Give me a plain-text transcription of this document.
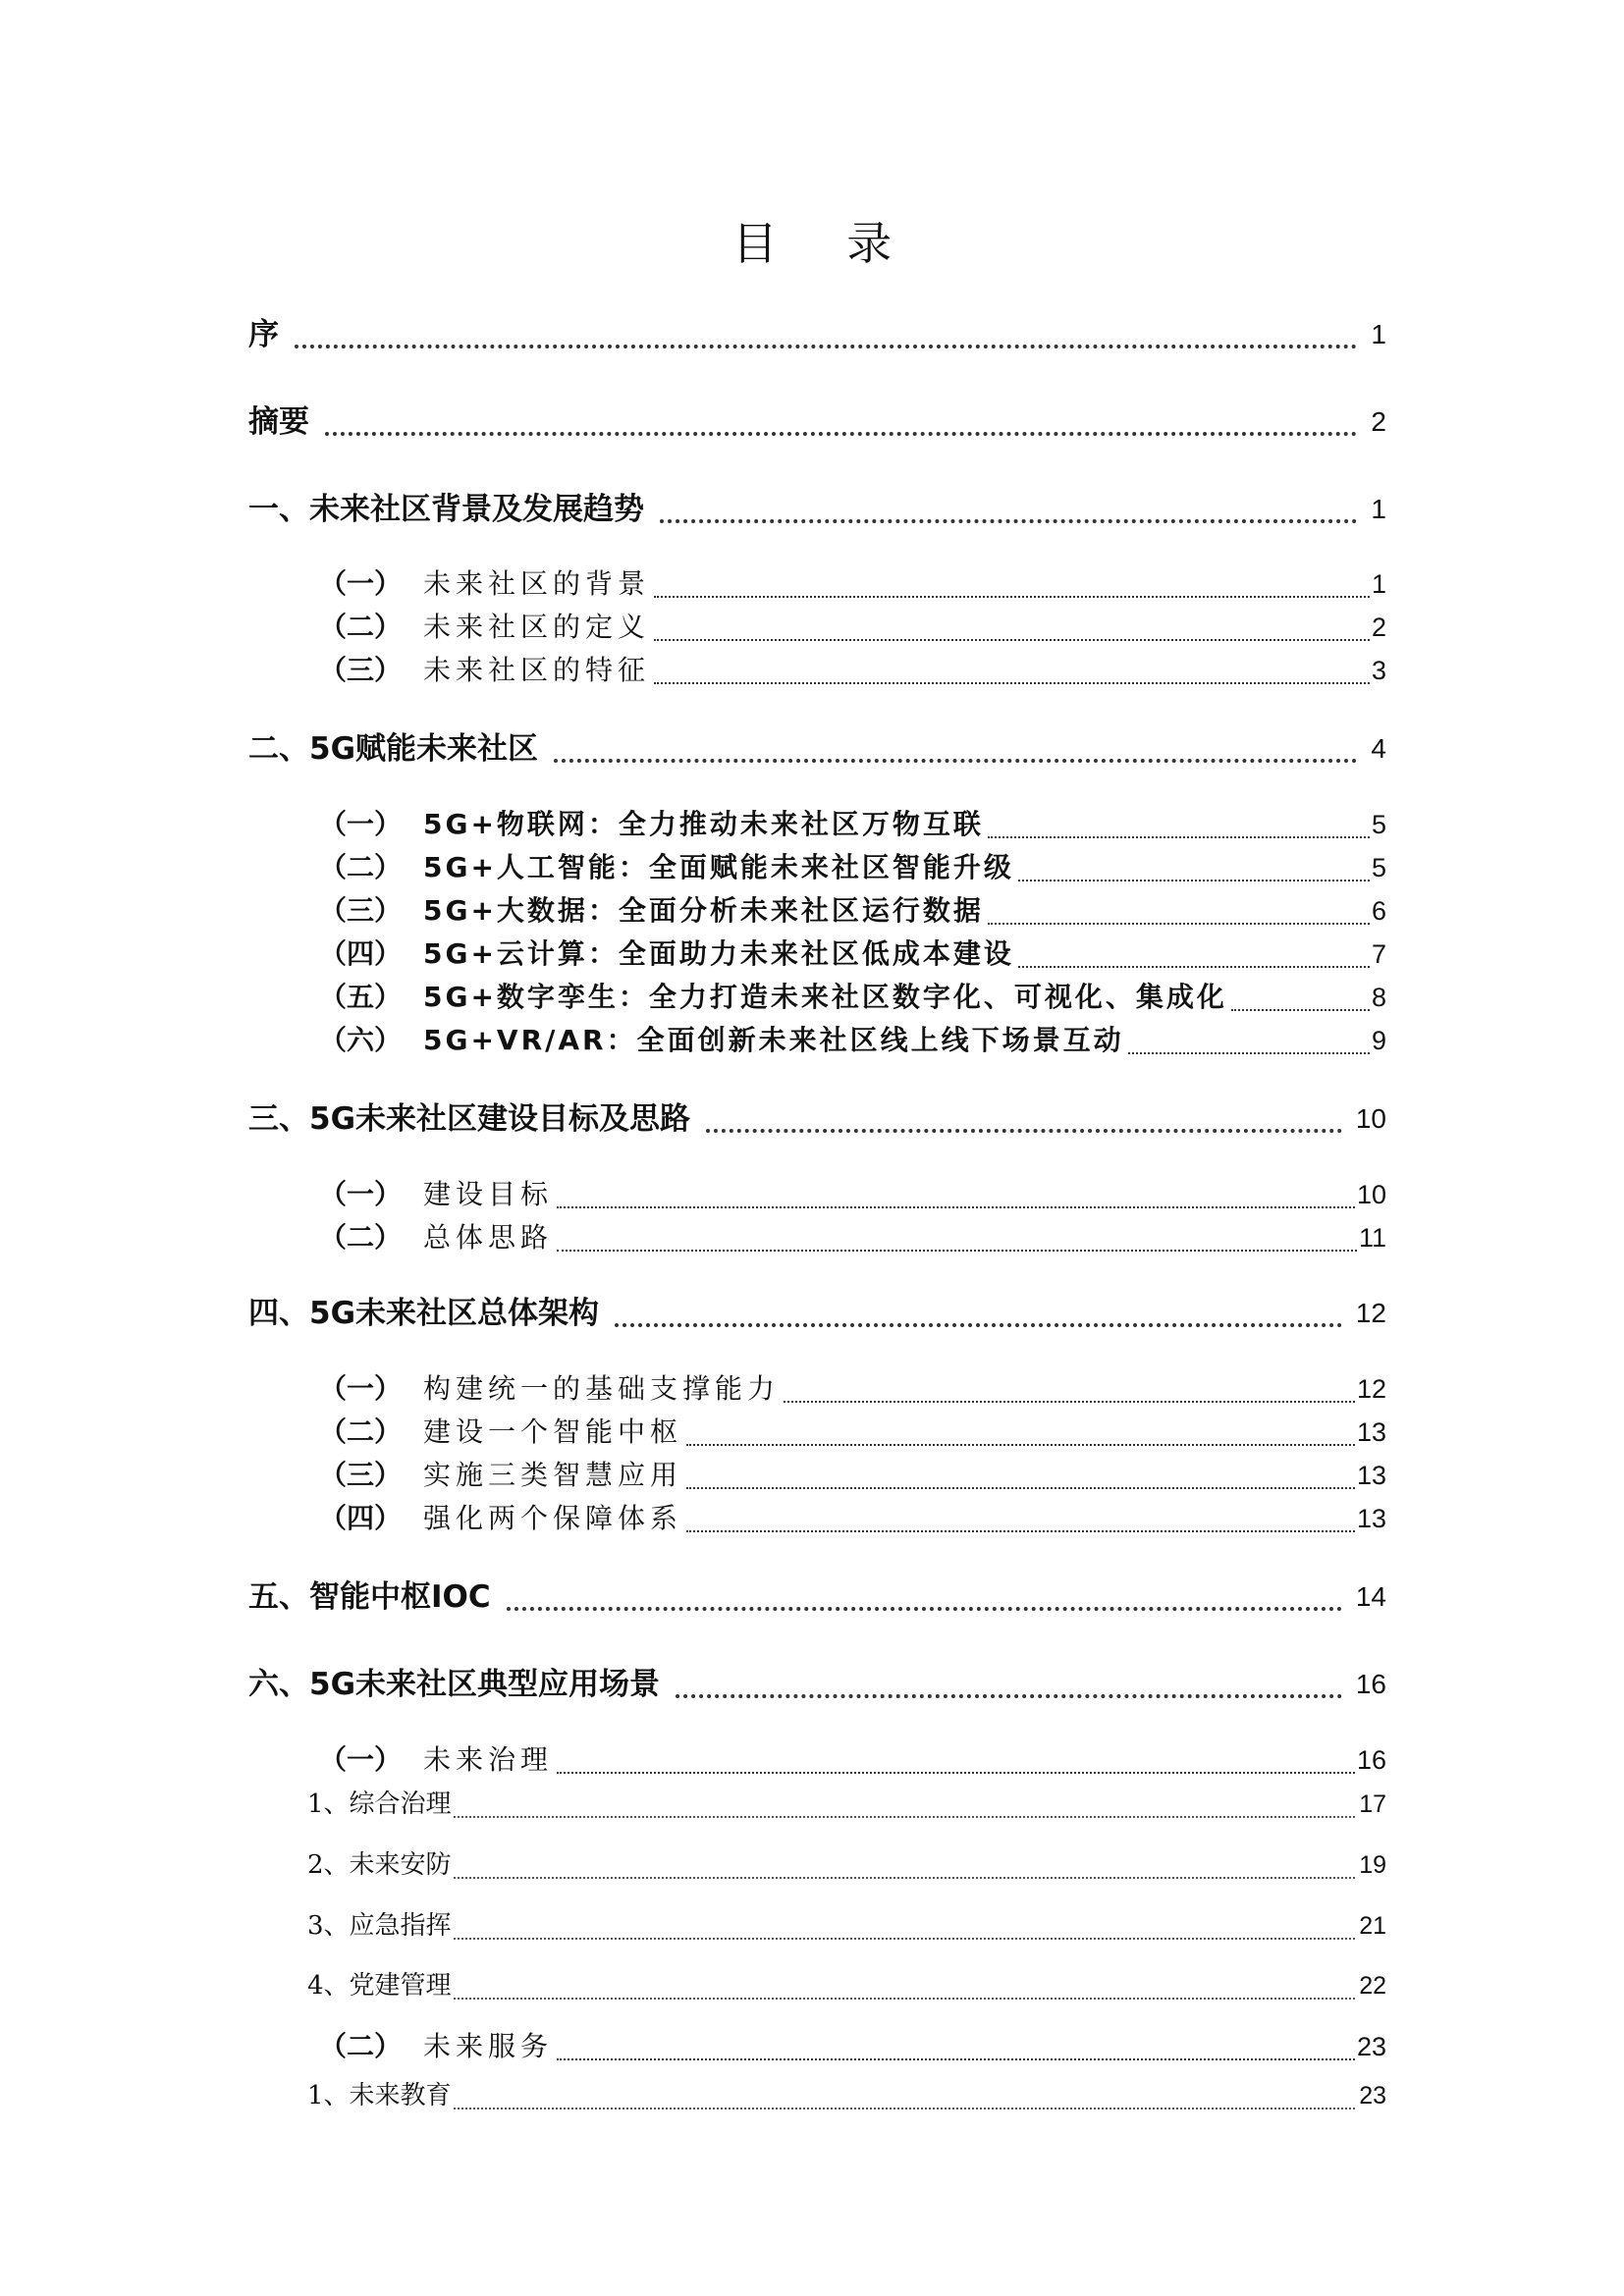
目 录
序	1
摘要	2
一、未来社区背景及发展趋势	1
（一） 未来社区的背景	1
（二） 未来社区的定义	2
（三） 未来社区的特征	3
二、5G赋能未来社区	4
（一） 5G+物联网：全力推动未来社区万物互联	5
（二） 5G+人工智能：全面赋能未来社区智能升级	5
（三） 5G+大数据：全面分析未来社区运行数据	6
（四） 5G+云计算：全面助力未来社区低成本建设	7
（五） 5G+数字孪生：全力打造未来社区数字化、可视化、集成化	8
（六） 5G+VR/AR：全面创新未来社区线上线下场景互动	9
三、5G未来社区建设目标及思路	10
（一） 建设目标	10
（二） 总体思路	11
四、5G未来社区总体架构	12
（一） 构建统一的基础支撑能力	12
（二） 建设一个智能中枢	13
（三） 实施三类智慧应用	13
（四） 强化两个保障体系	13
五、智能中枢IOC	14
六、5G未来社区典型应用场景	16
（一） 未来治理	16
1、综合治理	17
2、未来安防	19
3、应急指挥	21
4、党建管理	22
（二） 未来服务	23
1、未来教育	23
